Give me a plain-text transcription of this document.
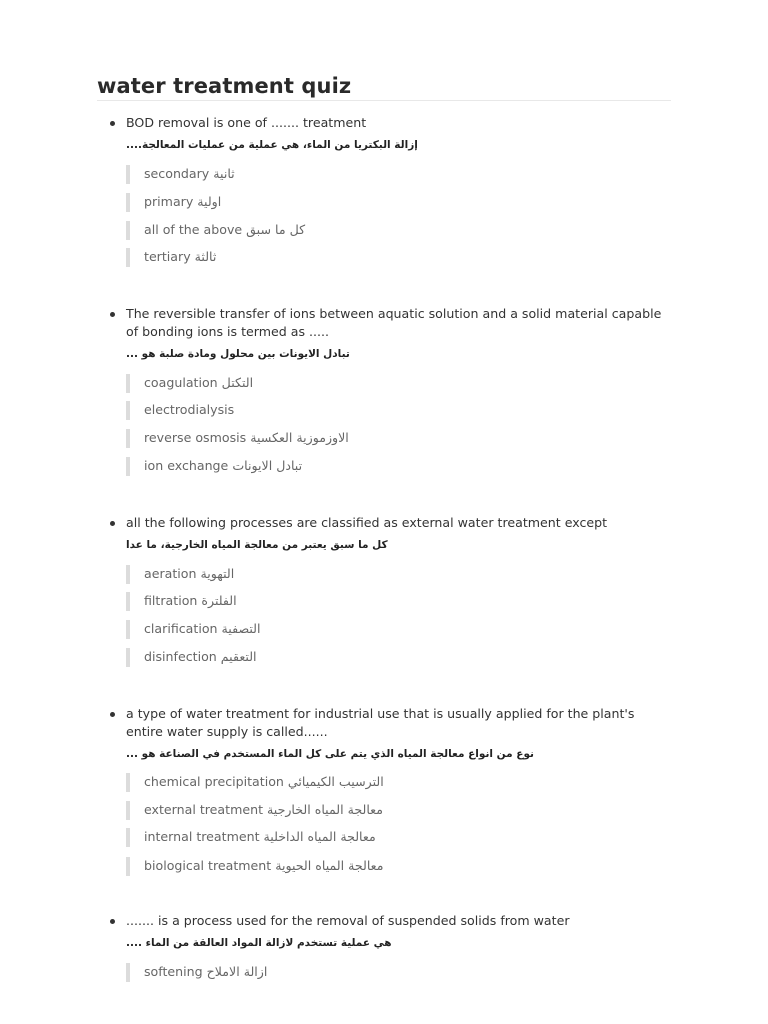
water treatment quiz
BOD removal is one of ....... treatment
....إزالة البكتريا من الماء، هي عملية من عمليات المعالجة
secondary ثانية
primary اولية
all of the above كل ما سبق
tertiary ثالثة
The reversible transfer of ions between aquatic solution and a solid material capable of bonding ions is termed as .....
... تبادل الايونات بين محلول ومادة صلبة هو
coagulation التكتل
electrodialysis
reverse osmosis الاوزموزية العكسية
ion exchange تبادل الايونات
all the following processes are classified as external water treatment except
كل ما سبق يعتبر من معالجة المياه الخارجية، ما عدا
aeration التهوية
filtration الفلترة
clarification التصفية
disinfection التعقيم
a type of water treatment for industrial use that is usually applied for the plant's entire water supply is called......
... نوع من انواع معالجة المياه الذي يتم على كل الماء المستخدم في الصناعة هو
chemical precipitation الترسيب الكيميائي
external treatment معالجة المياه الخارجية
internal treatment معالجة المياه الداخلية
biological treatment معالجة المياه الحيوية
....... is a process used for the removal of suspended solids from water
.... هي عملية تستخدم لازالة المواد العالقة من الماء
softening ازالة الاملاح
